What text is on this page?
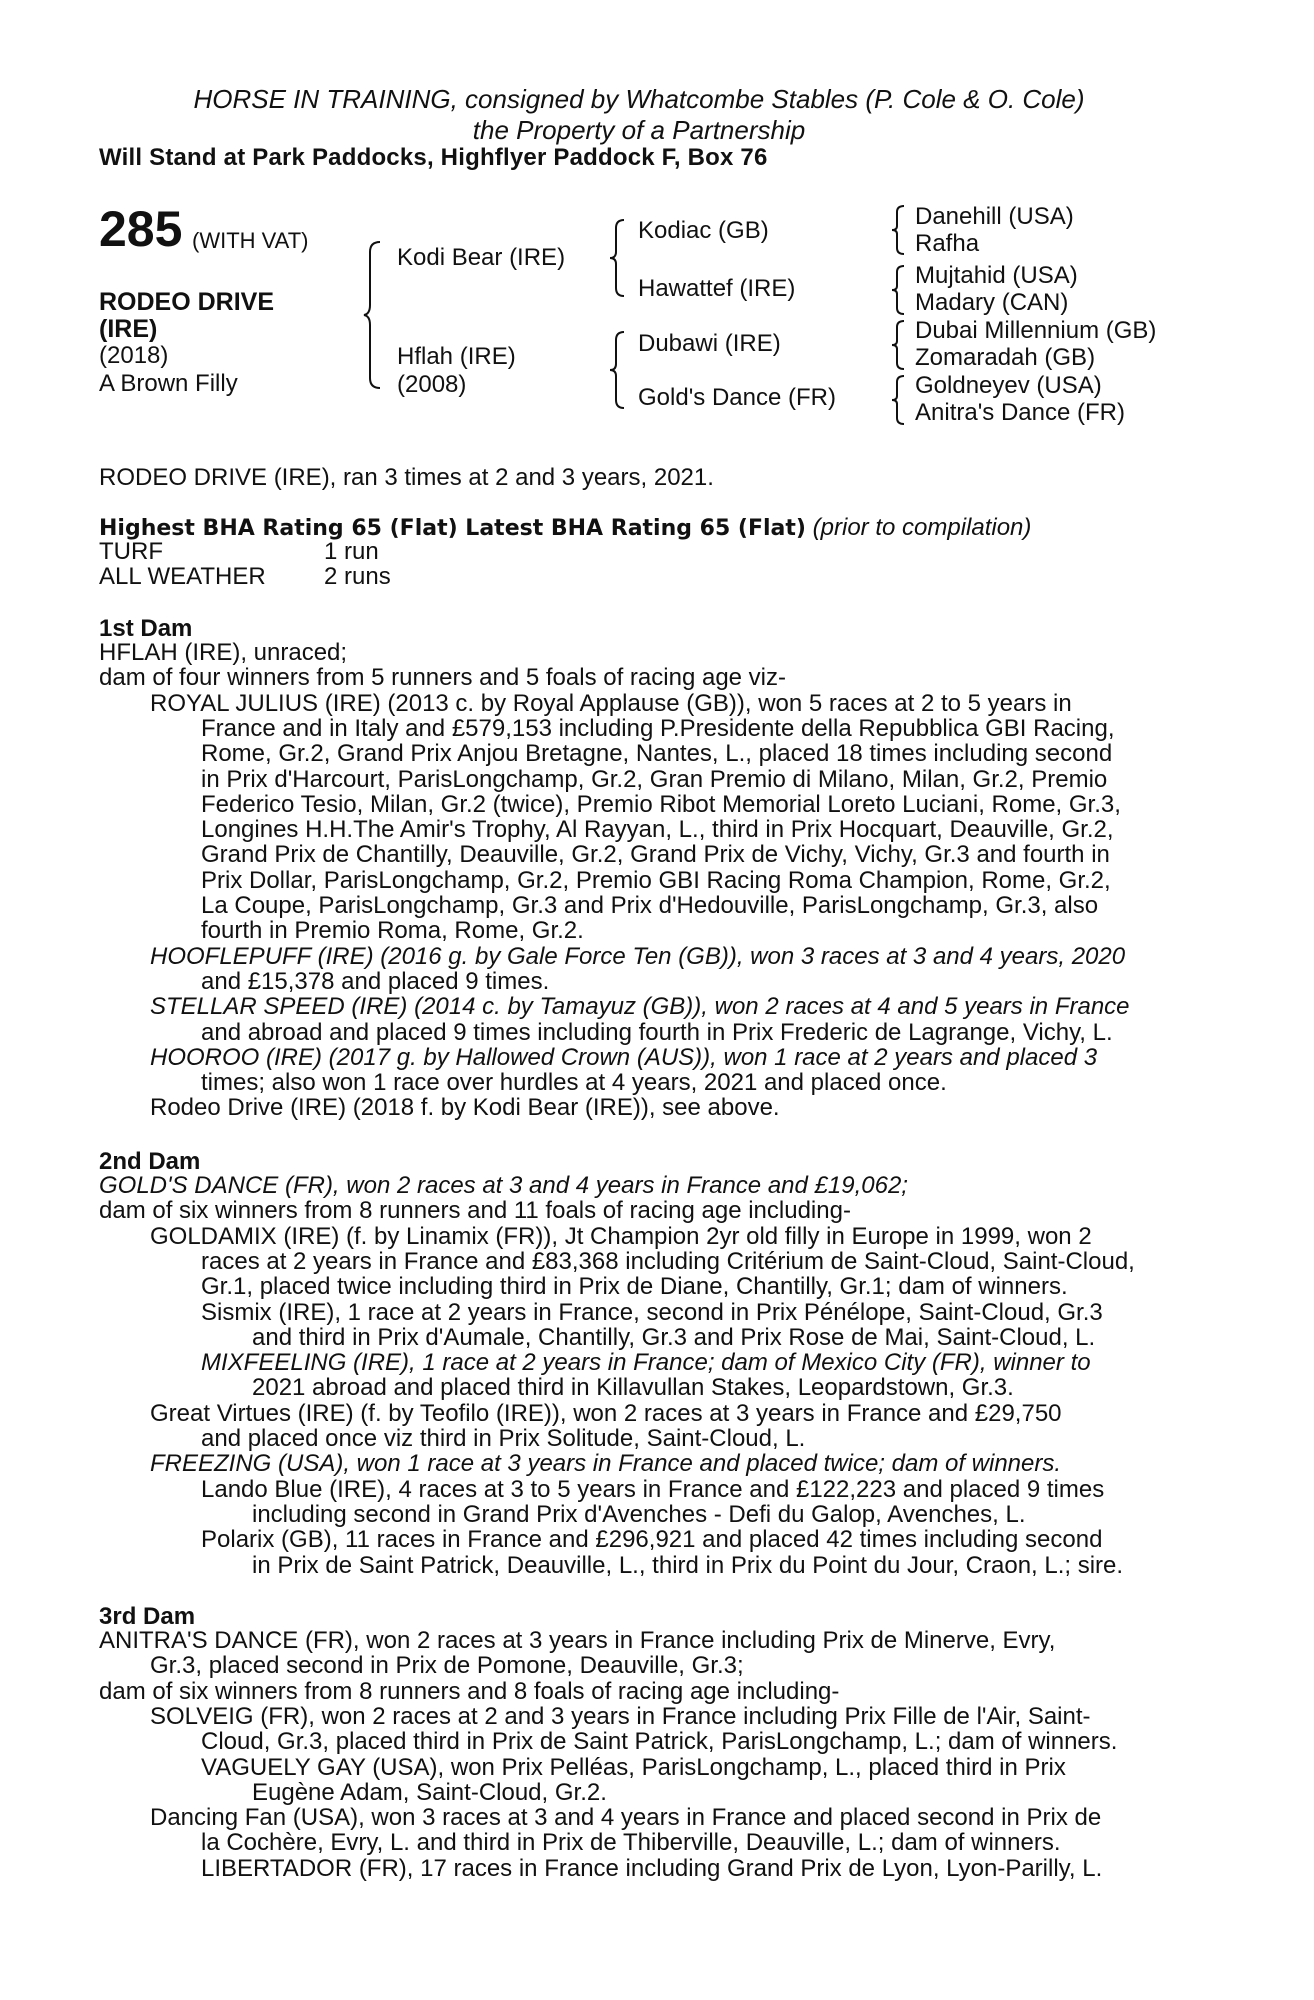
HORSE IN TRAINING, consigned by Whatcombe Stables (P. Cole & O. Cole)
the Property of a Partnership
Will Stand at Park Paddocks, Highflyer Paddock F, Box 76
285 (WITH VAT)
RODEO DRIVE
(IRE)
(2018)
A Brown Filly
Kodi Bear (IRE)
Hflah (IRE)
(2008)
Kodiac (GB)
Hawattef (IRE)
Dubawi (IRE)
Gold's Dance (FR)
Danehill (USA)
Rafha
Mujtahid (USA)
Madary (CAN)
Dubai Millennium (GB)
Zomaradah (GB)
Goldneyev (USA)
Anitra's Dance (FR)
RODEO DRIVE (IRE), ran 3 times at 2 and 3 years, 2021.
Highest BHA Rating 65 (Flat) Latest BHA Rating 65 (Flat) (prior to compilation)
TURF	1 run
ALL WEATHER 2 runs
1st Dam
HFLAH (IRE), unraced;
dam of four winners from 5 runners and 5 foals of racing age viz-
ROYAL JULIUS (IRE) (2013 c. by Royal Applause (GB)), won 5 races at 2 to 5 years in
France and in Italy and £579,153 including P.Presidente della Repubblica GBI Racing,
Rome, Gr.2, Grand Prix Anjou Bretagne, Nantes, L., placed 18 times including second
in Prix d'Harcourt, ParisLongchamp, Gr.2, Gran Premio di Milano, Milan, Gr.2, Premio
Federico Tesio, Milan, Gr.2 (twice), Premio Ribot Memorial Loreto Luciani, Rome, Gr.3,
Longines H.H.The Amir's Trophy, Al Rayyan, L., third in Prix Hocquart, Deauville, Gr.2,
Grand Prix de Chantilly, Deauville, Gr.2, Grand Prix de Vichy, Vichy, Gr.3 and fourth in
Prix Dollar, ParisLongchamp, Gr.2, Premio GBI Racing Roma Champion, Rome, Gr.2,
La Coupe, ParisLongchamp, Gr.3 and Prix d'Hedouville, ParisLongchamp, Gr.3, also
fourth in Premio Roma, Rome, Gr.2.
HOOFLEPUFF (IRE) (2016 g. by Gale Force Ten (GB)), won 3 races at 3 and 4 years, 2020
and £15,378 and placed 9 times.
STELLAR SPEED (IRE) (2014 c. by Tamayuz (GB)), won 2 races at 4 and 5 years in France
and abroad and placed 9 times including fourth in Prix Frederic de Lagrange, Vichy, L.
HOOROO (IRE) (2017 g. by Hallowed Crown (AUS)), won 1 race at 2 years and placed 3
times; also won 1 race over hurdles at 4 years, 2021 and placed once.
Rodeo Drive (IRE) (2018 f. by Kodi Bear (IRE)), see above.
2nd Dam
GOLD'S DANCE (FR), won 2 races at 3 and 4 years in France and £19,062;
dam of six winners from 8 runners and 11 foals of racing age including-
GOLDAMIX (IRE) (f. by Linamix (FR)), Jt Champion 2yr old filly in Europe in 1999, won 2
races at 2 years in France and £83,368 including Critérium de Saint-Cloud, Saint-Cloud,
Gr.1, placed twice including third in Prix de Diane, Chantilly, Gr.1; dam of winners.
Sismix (IRE), 1 race at 2 years in France, second in Prix Pénélope, Saint-Cloud, Gr.3
and third in Prix d'Aumale, Chantilly, Gr.3 and Prix Rose de Mai, Saint-Cloud, L.
MIXFEELING (IRE), 1 race at 2 years in France; dam of Mexico City (FR), winner to
2021 abroad and placed third in Killavullan Stakes, Leopardstown, Gr.3.
Great Virtues (IRE) (f. by Teofilo (IRE)), won 2 races at 3 years in France and £29,750
and placed once viz third in Prix Solitude, Saint-Cloud, L.
FREEZING (USA), won 1 race at 3 years in France and placed twice; dam of winners.
Lando Blue (IRE), 4 races at 3 to 5 years in France and £122,223 and placed 9 times
including second in Grand Prix d'Avenches - Defi du Galop, Avenches, L.
Polarix (GB), 11 races in France and £296,921 and placed 42 times including second
in Prix de Saint Patrick, Deauville, L., third in Prix du Point du Jour, Craon, L.; sire.
3rd Dam
ANITRA'S DANCE (FR), won 2 races at 3 years in France including Prix de Minerve, Evry,
Gr.3, placed second in Prix de Pomone, Deauville, Gr.3;
dam of six winners from 8 runners and 8 foals of racing age including-
SOLVEIG (FR), won 2 races at 2 and 3 years in France including Prix Fille de l'Air, Saint-
Cloud, Gr.3, placed third in Prix de Saint Patrick, ParisLongchamp, L.; dam of winners.
VAGUELY GAY (USA), won Prix Pelléas, ParisLongchamp, L., placed third in Prix
Eugène Adam, Saint-Cloud, Gr.2.
Dancing Fan (USA), won 3 races at 3 and 4 years in France and placed second in Prix de
la Cochère, Evry, L. and third in Prix de Thiberville, Deauville, L.; dam of winners.
LIBERTADOR (FR), 17 races in France including Grand Prix de Lyon, Lyon-Parilly, L.
